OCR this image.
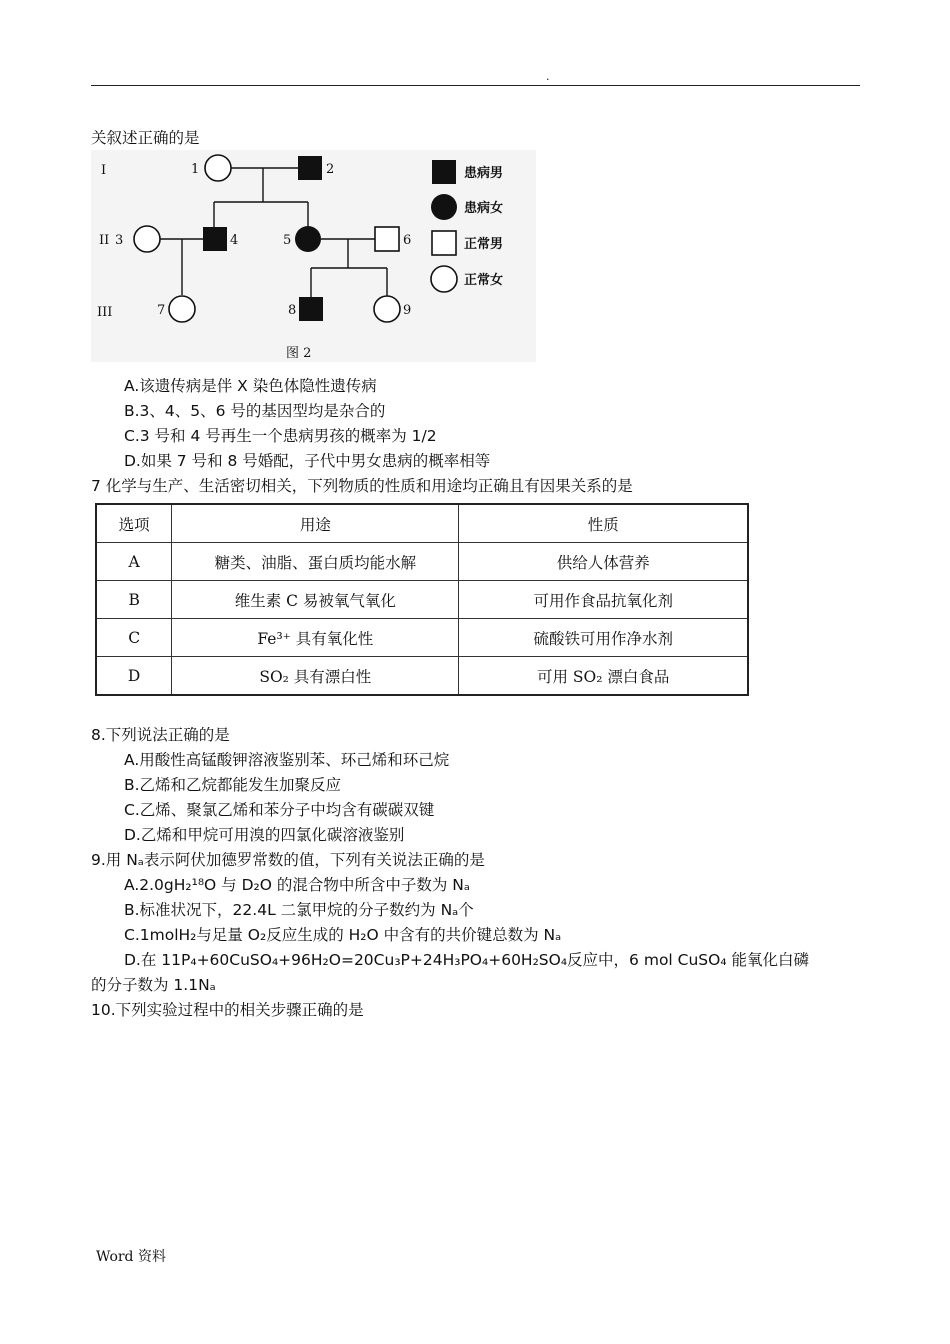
.
关叙述正确的是
I
II
III
1	2
3	4	5	6
7	8	9
患病男
患病女
正常男
正常女
图 2
A.该遗传病是伴 X 染色体隐性遗传病
B.3、4、5、6 号的基因型均是杂合的
C.3 号和 4 号再生一个患病男孩的概率为 1/2
D.如果 7 号和 8 号婚配，子代中男女患病的概率相等
7 化学与生产、生活密切相关，下列物质的性质和用途均正确且有因果关系的是
选项	用途	性质
A	糖类、油脂、蛋白质均能水解	供给人体营养
B	维生素 C 易被氧气氧化	可用作食品抗氧化剂
C	Fe³⁺ 具有氧化性	硫酸铁可用作净水剂
D	SO₂ 具有漂白性	可用 SO₂ 漂白食品
8.下列说法正确的是
A.用酸性高锰酸钾溶液鉴别苯、环己烯和环己烷
B.乙烯和乙烷都能发生加聚反应
C.乙烯、聚氯乙烯和苯分子中均含有碳碳双键
D.乙烯和甲烷可用溴的四氯化碳溶液鉴别
9.用 Nₐ表示阿伏加德罗常数的值，下列有关说法正确的是
A.2.0gH₂¹⁸O 与 D₂O 的混合物中所含中子数为 Nₐ
B.标准状况下，22.4L 二氯甲烷的分子数约为 Nₐ个
C.1molH₂与足量 O₂反应生成的 H₂O 中含有的共价键总数为 Nₐ
D.在 11P₄+60CuSO₄+96H₂O=20Cu₃P+24H₃PO₄+60H₂SO₄反应中，6 mol CuSO₄ 能氧化白磷
的分子数为 1.1Nₐ
10.下列实验过程中的相关步骤正确的是
Word 资料
